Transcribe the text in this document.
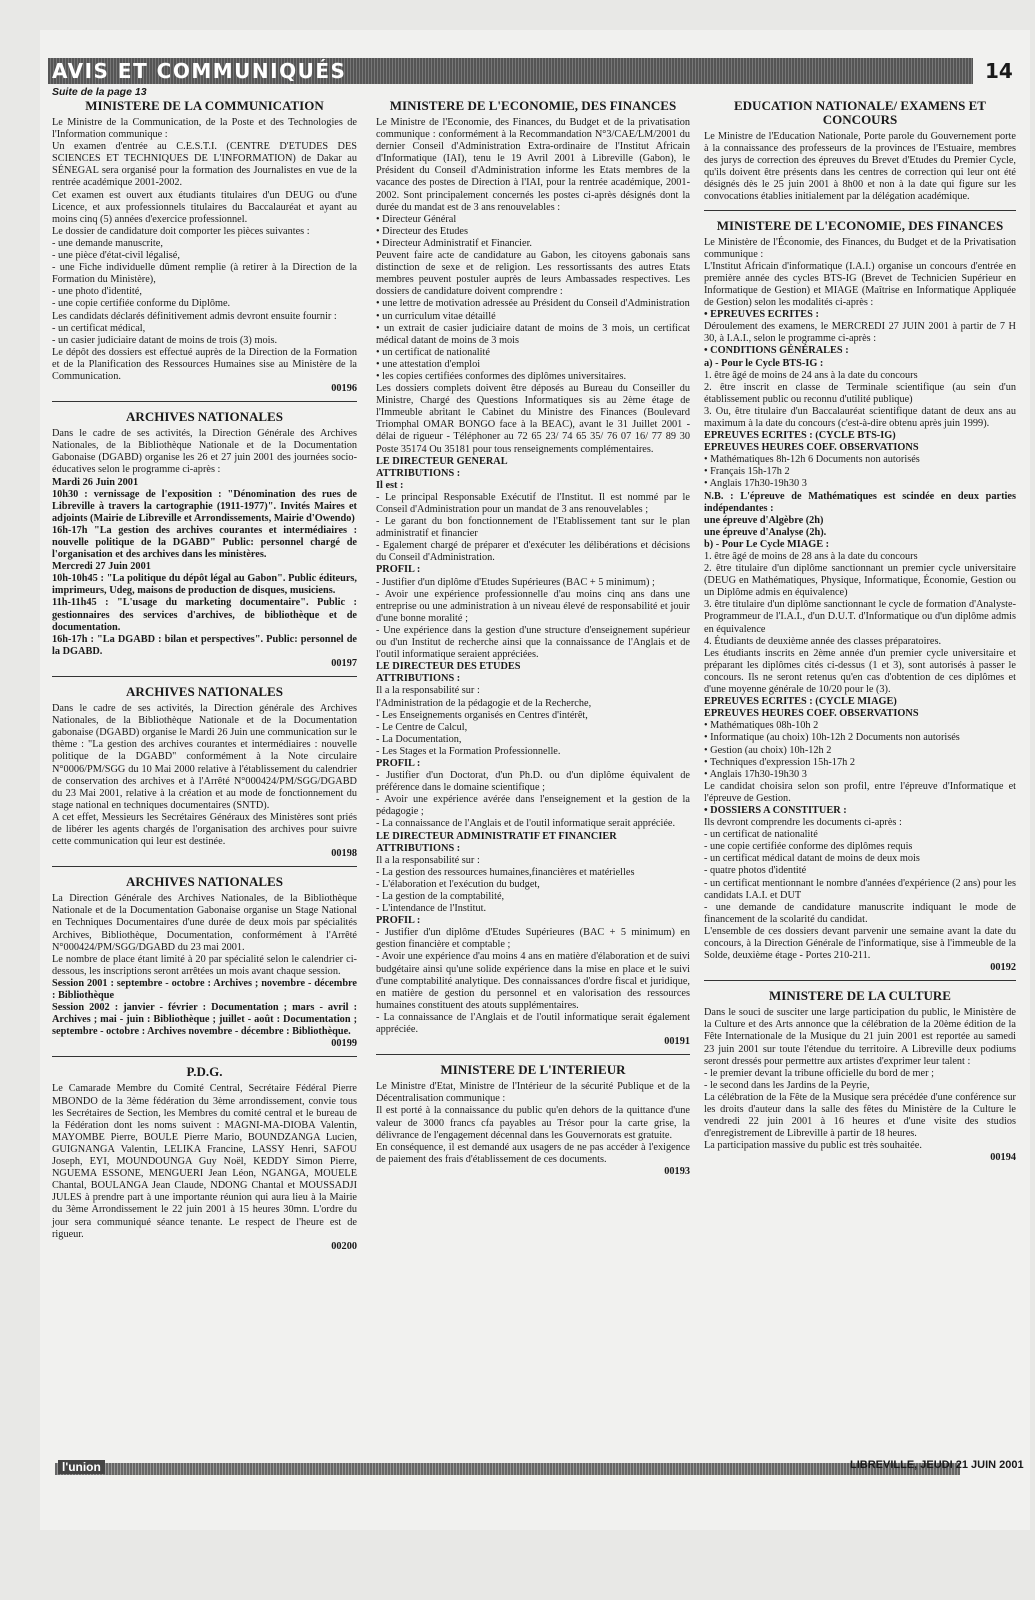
AVIS ET COMMUNIQUÉS	14
Suite de la page 13
MINISTERE DE LA COMMUNICATION

Le Ministre de la Communication, de la Poste et des Technologies de l'Information communique :

Un examen d'entrée au C.E.S.T.I. (CENTRE D'ETUDES DES SCIENCES ET TECHNIQUES DE L'INFORMATION) de Dakar au SÉNEGAL sera organisé pour la formation des Journalistes en vue de la rentrée académique 2001-2002.

Cet examen est ouvert aux étudiants titulaires d'un DEUG ou d'une Licence, et aux professionnels titulaires du Baccalauréat et ayant au moins cinq (5) années d'exercice professionnel.

Le dossier de candidature doit comporter les pièces suivantes :

- une demande manuscrite,

- une pièce d'état-civil légalisé,

- une Fiche individuelle dûment remplie (à retirer à la Direction de la Formation du Ministère),

- une photo d'identité,

- une copie certifiée conforme du Diplôme.

Les candidats déclarés définitivement admis devront ensuite fournir :

- un certificat médical,

- un casier judiciaire datant de moins de trois (3) mois.

Le dépôt des dossiers est effectué auprès de la Direction de la Formation et de la Planification des Ressources Humaines sise au Ministère de la Communication.

00196
ARCHIVES NATIONALES

Dans le cadre de ses activités, la Direction Générale des Archives Nationales, de la Bibliothèque Nationale et de la Documentation Gabonaise (DGABD) organise les 26 et 27 juin 2001 des journées socio-éducatives selon le programme ci-après :

Mardi 26 Juin 2001

10h30 : vernissage de l'exposition : "Dénomination des rues de Libreville à travers la cartographie (1911-1977)". Invités Maires et adjoints (Mairie de Libreville et Arrondissements, Mairie d'Owendo)

16h-17h "La gestion des archives courantes et intermédiaires : nouvelle politique de la DGABD" Public: personnel chargé de l'organisation et des archives dans les ministères.

Mercredi 27 Juin 2001

10h-10h45 : "La politique du dépôt légal au Gabon". Public éditeurs, imprimeurs, Udeg, maisons de production de disques, musiciens.

11h-11h45 : "L'usage du marketing documentaire". Public : gestionnaires des services d'archives, de bibliothèque et de documentation.

16h-17h : "La DGABD : bilan et perspectives". Public: personnel de la DGABD.

00197
ARCHIVES NATIONALES

Dans le cadre de ses activités, la Direction générale des Archives Nationales, de la Bibliothèque Nationale et de la Documentation gabonaise (DGABD) organise le Mardi 26 Juin une communication sur le thème : "La gestion des archives courantes et intermédiaires : nouvelle politique de la DGABD" conformément à la Note circulaire N°0006/PM/SGG du 10 Mai 2000 relative à l'établissement du calendrier de conservation des archives et à l'Arrêté N°000424/PM/SGG/DGABD du 23 Mai 2001, relative à la création et au mode de fonctionnement du stage national en techniques documentaires (SNTD).

A cet effet, Messieurs les Secrétaires Généraux des Ministères sont priés de libérer les agents chargés de l'organisation des archives pour suivre cette communication qui leur est destinée.

00198
ARCHIVES NATIONALES

La Direction Générale des Archives Nationales, de la Bibliothèque Nationale et de la Documentation Gabonaise organise un Stage National en Techniques Documentaires d'une durée de deux mois par spécialités Archives, Bibliothèque, Documentation, conformément à l'Arrêté N°000424/PM/SGG/DGABD du 23 mai 2001.

Le nombre de place étant limité à 20 par spécialité selon le calendrier ci-dessous, les inscriptions seront arrêtées un mois avant chaque session.

Session 2001 : septembre - octobre : Archives ; novembre - décembre : Bibliothèque

Session 2002 : janvier - février : Documentation ; mars - avril : Archives ; mai - juin : Bibliothèque ; juillet - août : Documentation ; septembre - octobre : Archives novembre - décembre : Bibliothèque.

00199
P.D.G.

Le Camarade Membre du Comité Central, Secrétaire Fédéral Pierre MBONDO de la 3ème fédération du 3ème arrondissement, convie tous les Secrétaires de Section, les Membres du comité central et le bureau de la Fédération dont les noms suivent : MAGNI-MA-DIOBA Valentin, MAYOMBE Pierre, BOULE Pierre Mario, BOUNDZANGA Lucien, GUIGNANGA Valentin, LELIKA Francine, LASSY Henri, SAFOU Joseph, EYI, MOUNDOUNGA Guy Noël, KEDDY Simon Pierre, NGUEMA ESSONE, MENGUERI Jean Léon, NGANGA, MOUELE Chantal, BOULANGA Jean Claude, NDONG Chantal et MOUSSADJI JULES à prendre part à une importante réunion qui aura lieu à la Mairie du 3ème Arrondissement le 22 juin 2001 à 15 heures 30mn. L'ordre du jour sera communiqué séance tenante. Le respect de l'heure est de rigueur.

00200
MINISTERE DE L'ECONOMIE, DES FINANCES

Le Ministre de l'Economie, des Finances, du Budget et de la privatisation communique : conformément à la Recommandation N°3/CAE/LM/2001 du dernier Conseil d'Administration Extra-ordinaire de l'Institut Africain d'Informatique (IAI), tenu le 19 Avril 2001 à Libreville (Gabon), le Président du Conseil d'Administration informe les Etats membres de la vacance des postes de Direction à l'IAI, pour la rentrée académique, 2001-2002. Sont principalement concernés les postes ci-après désignés dont la durée du mandat est de 3 ans renouvelables :

• Directeur Général

• Directeur des Etudes

• Directeur Administratif et Financier.

Peuvent faire acte de candidature au Gabon, les citoyens gabonais sans distinction de sexe et de religion. Les ressortissants des autres Etats membres peuvent postuler auprès de leurs Ambassades respectives. Les dossiers de candidature doivent comprendre :

• une lettre de motivation adressée au Président du Conseil d'Administration

• un curriculum vitae détaillé

• un extrait de casier judiciaire datant de moins de 3 mois, un certificat médical datant de moins de 3 mois

• un certificat de nationalité

• une attestation d'emploi

• les copies certifiées conformes des diplômes universitaires.

Les dossiers complets doivent être déposés au Bureau du Conseiller du Ministre, Chargé des Questions Informatiques sis au 2ème étage de l'Immeuble abritant le Cabinet du Ministre des Finances (Boulevard Triomphal OMAR BONGO face à la BEAC), avant le 31 Juillet 2001 - délai de rigueur - Téléphoner au 72 65 23/ 74 65 35/ 76 07 16/ 77 89 30 Poste 35174 Ou 35181 pour tous renseignements complémentaires.

LE DIRECTEUR GENERAL

ATTRIBUTIONS :

Il est :

- Le principal Responsable Exécutif de l'Institut. Il est nommé par le Conseil d'Administration pour un mandat de 3 ans renouvelables ;

- Le garant du bon fonctionnement de l'Etablissement tant sur le plan administratif et financier

- Egalement chargé de préparer et d'exécuter les délibérations et décisions du Conseil d'Administration.

PROFIL :

- Justifier d'un diplôme d'Etudes Supérieures (BAC + 5 minimum) ;

- Avoir une expérience professionnelle d'au moins cinq ans dans une entreprise ou une administration à un niveau élevé de responsabilité et jouir d'une bonne moralité ;

- Une expérience dans la gestion d'une structure d'enseignement supérieur ou d'un Institut de recherche ainsi que la connaissance de l'Anglais et de l'outil informatique seraient appréciées.

LE DIRECTEUR DES ETUDES

ATTRIBUTIONS :

Il a la responsabilité sur :

l'Administration de la pédagogie et de la Recherche,

- Les Enseignements organisés en Centres d'intérêt,

- Le Centre de Calcul,

- La Documentation,

- Les Stages et la Formation Professionnelle.

PROFIL :

- Justifier d'un Doctorat, d'un Ph.D. ou d'un diplôme équivalent de préférence dans le domaine scientifique ;

- Avoir une expérience avérée dans l'enseignement et la gestion de la pédagogie ;

- La connaissance de l'Anglais et de l'outil informatique serait appréciée.

LE DIRECTEUR ADMINISTRATIF ET FINANCIER

ATTRIBUTIONS :

Il a la responsabilité sur :

- La gestion des ressources humaines,financières et matérielles

- L'élaboration et l'exécution du budget,

- La gestion de la comptabilité,

- L'intendance de l'Institut.

PROFIL :

- Justifier d'un diplôme d'Etudes Supérieures (BAC + 5 minimum) en gestion financière et comptable ;

- Avoir une expérience d'au moins 4 ans en matière d'élaboration et de suivi budgétaire ainsi qu'une solide expérience dans la mise en place et le suivi d'une comptabilité analytique. Des connaissances d'ordre fiscal et juridique, en matière de gestion du personnel et en valorisation des ressources humaines constituent des atouts supplémentaires.

- La connaissance de l'Anglais et de l'outil informatique serait également appréciée.

00191
MINISTERE DE L'INTERIEUR

Le Ministre d'Etat, Ministre de l'Intérieur de la sécurité Publique et de la Décentralisation communique :

Il est porté à la connaissance du public qu'en dehors de la quittance d'une valeur de 3000 francs cfa payables au Trésor pour la carte grise, la délivrance de l'engagement décennal dans les Gouvernorats est gratuite.

En conséquence, il est demandé aux usagers de ne pas accéder à l'exigence de paiement des frais d'établissement de ces documents.

00193
EDUCATION NATIONALE/ EXAMENS ET CONCOURS

Le Ministre de l'Education Nationale, Porte parole du Gouvernement porte à la connaissance des professeurs de la provinces de l'Estuaire, membres des jurys de correction des épreuves du Brevet d'Etudes du Premier Cycle, qu'ils doivent être présents dans les centres de correction qui leur ont été désignés dès le 25 juin 2001 à 8h00 et non à la date qui figure sur les convocations établies initialement par la délégation académique.

MINISTERE DE L'ECONOMIE, DES FINANCES

Le Ministère de l'Économie, des Finances, du Budget et de la Privatisation communique :

L'Institut Africain d'informatique (I.A.I.) organise un concours d'entrée en première année des cycles BTS-IG (Brevet de Technicien Supérieur en Informatique de Gestion) et MIAGE (Maîtrise en Informatique Appliquée de Gestion) selon les modalités ci-après :

• EPREUVES ECRITES :

Déroulement des examens, le MERCREDI 27 JUIN 2001 à partir de 7 H 30, à I.A.I., selon le programme ci-après :

• CONDITIONS GÉNÉRALES :

a) - Pour le Cycle BTS-IG :

1. être âgé de moins de 24 ans à la date du concours

2. être inscrit en classe de Terminale scientifique (au sein d'un établissement public ou reconnu d'utilité publique)

3. Ou, être titulaire d'un Baccalauréat scientifique datant de deux ans au maximum à la date du concours (c'est-à-dire obtenu après juin 1999).

EPREUVES ECRITES : (CYCLE BTS-IG)

EPREUVES HEURES COEF. OBSERVATIONS

• Mathématiques 8h-12h 6 Documents non autorisés

• Français 15h-17h 2

• Anglais 17h30-19h30 3

N.B. : L'épreuve de Mathématiques est scindée en deux parties indépendantes :

une épreuve d'Algèbre (2h)

une épreuve d'Analyse (2h).

b) - Pour Le Cycle MIAGE :

1. être âgé de moins de 28 ans à la date du concours

2. être titulaire d'un diplôme sanctionnant un premier cycle universitaire (DEUG en Mathématiques, Physique, Informatique, Économie, Gestion ou un Diplôme admis en équivalence)

3. être titulaire d'un diplôme sanctionnant le cycle de formation d'Analyste-Programmeur de l'I.A.I., d'un D.U.T. d'Informatique ou d'un diplôme admis en équivalence

4. Étudiants de deuxième année des classes préparatoires.

Les étudiants inscrits en 2ème année d'un premier cycle universitaire et préparant les diplômes cités ci-dessus (1 et 3), sont autorisés à passer le concours. Ils ne seront retenus qu'en cas d'obtention de ces diplômes et d'une moyenne générale de 10/20 pour le (3).

EPREUVES ECRITES : (CYCLE MIAGE)

EPREUVES HEURES COEF. OBSERVATIONS

• Mathématiques 08h-10h 2

• Informatique (au choix) 10h-12h 2 Documents non autorisés

• Gestion (au choix) 10h-12h 2

• Techniques d'expression 15h-17h 2

• Anglais 17h30-19h30 3

Le candidat choisira selon son profil, entre l'épreuve d'Informatique et l'épreuve de Gestion.

• DOSSIERS A CONSTITUER :

Ils devront comprendre les documents ci-après :

- un certificat de nationalité

- une copie certifiée conforme des diplômes requis

- un certificat médical datant de moins de deux mois

- quatre photos d'identité

- un certificat mentionnant le nombre d'années d'expérience (2 ans) pour les candidats I.A.I. et DUT

- une demande de candidature manuscrite indiquant le mode de financement de la scolarité du candidat.

L'ensemble de ces dossiers devant parvenir une semaine avant la date du concours, à la Direction Générale de l'informatique, sise à l'immeuble de la Solde, deuxième étage - Portes 210-211.

00192
MINISTERE DE LA CULTURE

Dans le souci de susciter une large participation du public, le Ministère de la Culture et des Arts annonce que la célébration de la 20ème édition de la Fête Internationale de la Musique du 21 juin 2001 est reportée au samedi 23 juin 2001 sur toute l'étendue du territoire. A Libreville deux podiums seront dressés pour permettre aux artistes d'exprimer leur talent :

- le premier devant la tribune officielle du bord de mer ;

- le second dans les Jardins de la Peyrie,

La célébration de la Fête de la Musique sera précédée d'une conférence sur les droits d'auteur dans la salle des fêtes du Ministère de la Culture le vendredi 22 juin 2001 à 16 heures et d'une visite des studios d'enregistrement de Libreville à partir de 18 heures.

La participation massive du public est très souhaitée.

00194
l'union	LIBREVILLE, JEUDI 21 JUIN 2001
